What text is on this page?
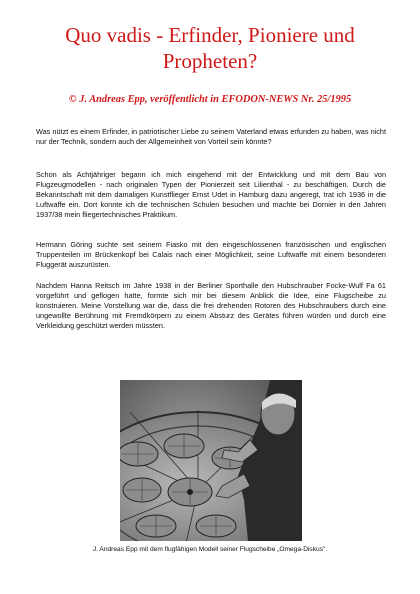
Quo vadis - Erfinder, Pioniere und Propheten?

© J. Andreas Epp, veröffentlicht in EFODON-NEWS Nr. 25/1995

Was nützt es einem Erfinder, in patriotischer Liebe zu seinem Vaterland etwas erfunden zu haben, was nicht nur der Technik, sondern auch der Allgemeinheit von Vorteil sein könnte?

Schon als Achtjähriger begann ich mich eingehend mit der Entwicklung und mit dem Bau von Flugzeugmodellen - nach originalen Typen der Pionierzeit seit Lilienthal - zu beschäftigen. Durch die Bekanntschaft mit dem damaligen Kunstflieger Ernst Udet in Hamburg dazu angeregt, trat ich 1936 in die Luftwaffe ein. Dort konnte ich die technischen Schulen besuchen und machte bei Dornier in den Jahren 1937/38 mein fliegertechnisches Praktikum.

Hermann Göring suchte seit seinem Fiasko mit den eingeschlossenen französischen und englischen Truppenteilen im Brückenkopf bei Calais nach einer Möglichkeit, seine Luftwaffe mit einem besonderen Fluggerät auszurüsten.

Nachdem Hanna Reitsch im Jahre 1938 in der Berliner Sporthalle den Hubschrauber Focke-Wulf Fa 61 vorgeführt und geflogen hatte, formte sich mir bei diesem Anblick die Idee, eine Flugscheibe zu konstruieren. Meine Vorstellung war die, dass die frei drehenden Rotoren des Hubschraubers durch eine ungewollte Berührung mit Fremdkörpern zu einem Absturz des Gerätes führen würden und durch eine Verkleidung geschützt werden müssten.

J. Andreas Epp mit dem flugfähigen Modell seiner Flugscheibe „Omega-Diskus".
